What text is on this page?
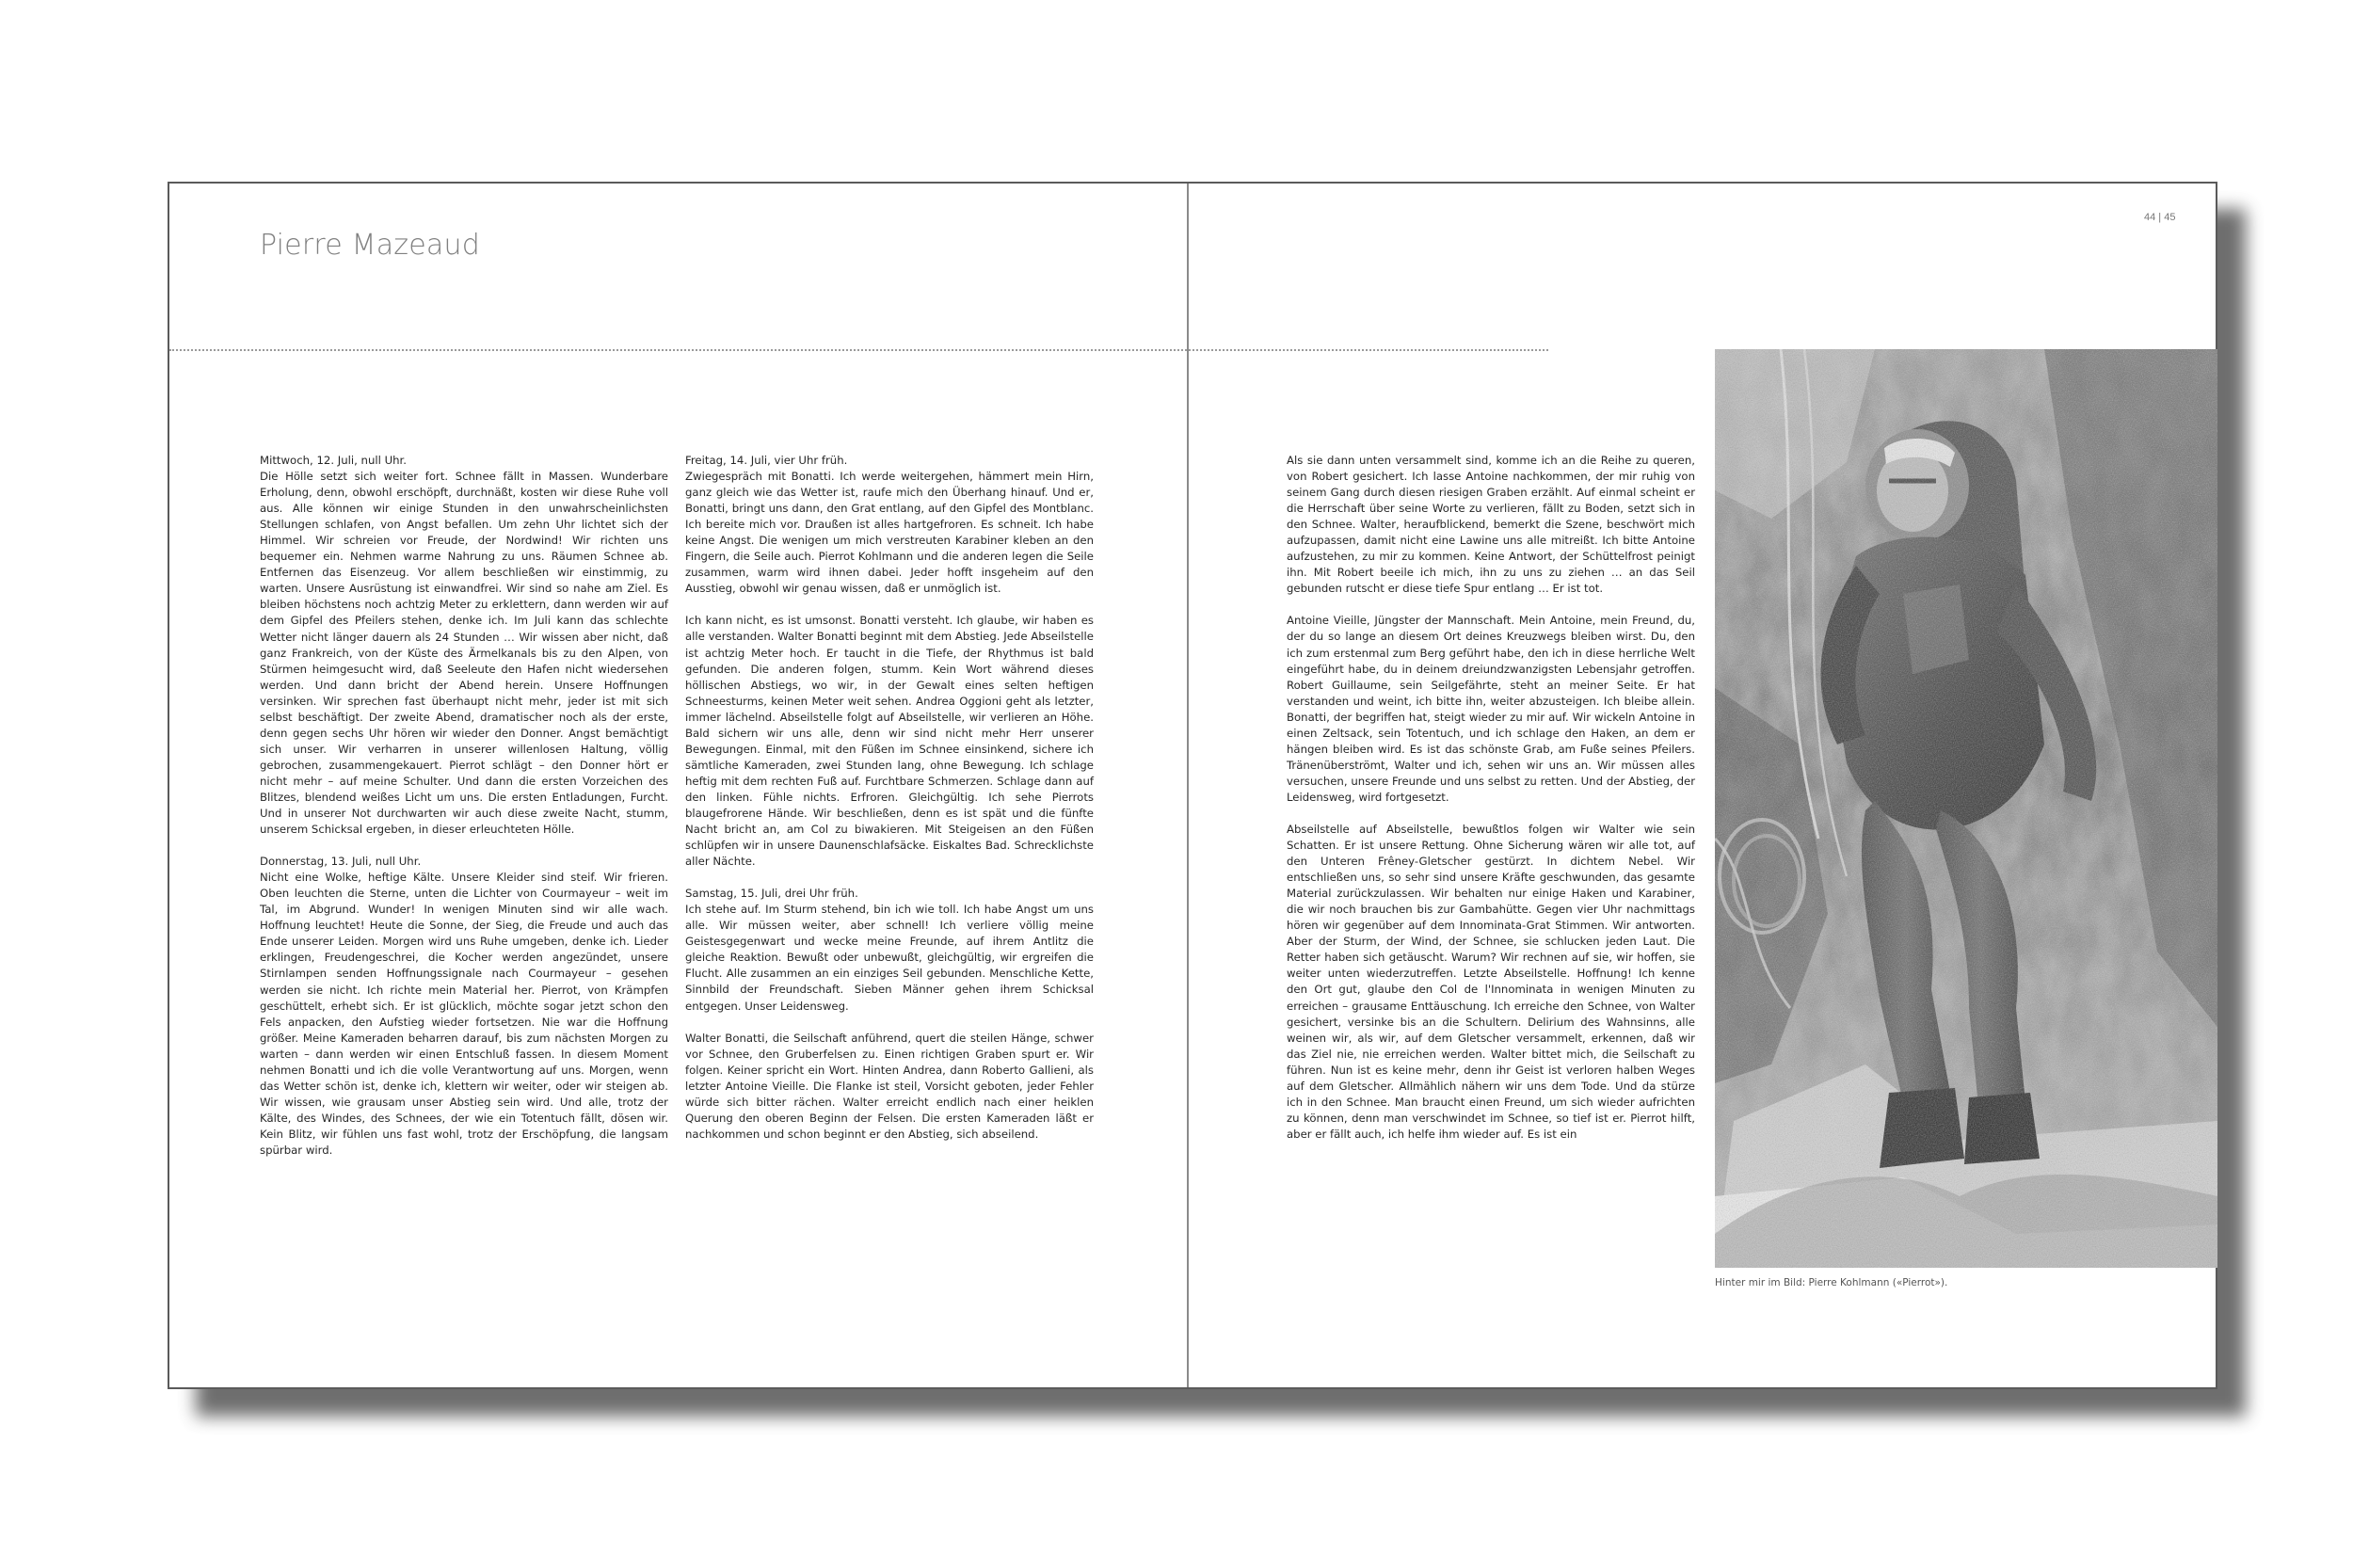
Pierre Mazeaud
44 | 45

Mittwoch, 12. Juli, null Uhr.

Die Hölle setzt sich weiter fort. Schnee fällt in Massen. Wunderbare Erholung, denn, obwohl erschöpft, durchnäßt, kosten wir diese Ruhe voll aus. Alle können wir einige Stunden in den unwahrscheinlichsten Stellungen schlafen, von Angst befallen. Um zehn Uhr lichtet sich der Himmel. Wir schreien vor Freude, der Nordwind! Wir richten uns bequemer ein. Nehmen warme Nahrung zu uns. Räumen Schnee ab. Entfernen das Eisenzeug. Vor allem beschließen wir einstimmig, zu warten. Unsere Ausrüstung ist einwandfrei. Wir sind so nahe am Ziel. Es bleiben höchstens noch achtzig Meter zu erklettern, dann werden wir auf dem Gipfel des Pfeilers stehen, denke ich. Im Juli kann das schlechte Wetter nicht länger dauern als 24 Stunden … Wir wissen aber nicht, daß ganz Frankreich, von der Küste des Ärmelkanals bis zu den Alpen, von Stürmen heimgesucht wird, daß Seeleute den Hafen nicht wiedersehen werden. Und dann bricht der Abend herein. Unsere Hoffnungen versinken. Wir sprechen fast überhaupt nicht mehr, jeder ist mit sich selbst beschäftigt. Der zweite Abend, dramatischer noch als der erste, denn gegen sechs Uhr hören wir wieder den Donner. Angst bemächtigt sich unser. Wir verharren in unserer willenlosen Haltung, völlig gebrochen, zusammengekauert. Pierrot schlägt – den Donner hört er nicht mehr – auf meine Schulter. Und dann die ersten Vorzeichen des Blitzes, blendend weißes Licht um uns. Die ersten Entladungen, Furcht. Und in unserer Not durchwarten wir auch diese zweite Nacht, stumm, unserem Schicksal ergeben, in dieser erleuchteten Hölle.

Donnerstag, 13. Juli, null Uhr.

Nicht eine Wolke, heftige Kälte. Unsere Kleider sind steif. Wir frieren. Oben leuchten die Sterne, unten die Lichter von Courmayeur – weit im Tal, im Abgrund. Wunder! In wenigen Minuten sind wir alle wach. Hoffnung leuchtet! Heute die Sonne, der Sieg, die Freude und auch das Ende unserer Leiden. Morgen wird uns Ruhe umgeben, denke ich. Lieder erklingen, Freudengeschrei, die Kocher werden angezündet, unsere Stirnlampen senden Hoffnungssignale nach Courmayeur – gesehen werden sie nicht. Ich richte mein Material her. Pierrot, von Krämpfen geschüttelt, erhebt sich. Er ist glücklich, möchte sogar jetzt schon den Fels anpacken, den Aufstieg wieder fortsetzen. Nie war die Hoffnung größer. Meine Kameraden beharren darauf, bis zum nächsten Morgen zu warten – dann werden wir einen Entschluß fassen. In diesem Moment nehmen Bonatti und ich die volle Verantwortung auf uns. Morgen, wenn das Wetter schön ist, denke ich, klettern wir weiter, oder wir steigen ab. Wir wissen, wie grausam unser Abstieg sein wird. Und alle, trotz der Kälte, des Windes, des Schnees, der wie ein Totentuch fällt, dösen wir. Kein Blitz, wir fühlen uns fast wohl, trotz der Erschöpfung, die langsam spürbar wird.

Freitag, 14. Juli, vier Uhr früh.

Zwiegespräch mit Bonatti. Ich werde weitergehen, hämmert mein Hirn, ganz gleich wie das Wetter ist, raufe mich den Überhang hinauf. Und er, Bonatti, bringt uns dann, den Grat entlang, auf den Gipfel des Montblanc. Ich bereite mich vor. Draußen ist alles hartgefroren. Es schneit. Ich habe keine Angst. Die wenigen um mich verstreuten Karabiner kleben an den Fingern, die Seile auch. Pierrot Kohlmann und die anderen legen die Seile zusammen, warm wird ihnen dabei. Jeder hofft insgeheim auf den Ausstieg, obwohl wir genau wissen, daß er unmöglich ist.

Ich kann nicht, es ist umsonst. Bonatti versteht. Ich glaube, wir haben es alle verstanden. Walter Bonatti beginnt mit dem Abstieg. Jede Abseilstelle ist achtzig Meter hoch. Er taucht in die Tiefe, der Rhythmus ist bald gefunden. Die anderen folgen, stumm. Kein Wort während dieses höllischen Abstiegs, wo wir, in der Gewalt eines selten heftigen Schneesturms, keinen Meter weit sehen. Andrea Oggioni geht als letzter, immer lächelnd. Abseilstelle folgt auf Abseilstelle, wir verlieren an Höhe. Bald sichern wir uns alle, denn wir sind nicht mehr Herr unserer Bewegungen. Einmal, mit den Füßen im Schnee einsinkend, sichere ich sämtliche Kameraden, zwei Stunden lang, ohne Bewegung. Ich schlage heftig mit dem rechten Fuß auf. Furchtbare Schmerzen. Schlage dann auf den linken. Fühle nichts. Erfroren. Gleichgültig. Ich sehe Pierrots blaugefrorene Hände. Wir beschließen, denn es ist spät und die fünfte Nacht bricht an, am Col zu biwakieren. Mit Steigeisen an den Füßen schlüpfen wir in unsere Daunenschlafsäcke. Eiskaltes Bad. Schrecklichste aller Nächte.

Samstag, 15. Juli, drei Uhr früh.

Ich stehe auf. Im Sturm stehend, bin ich wie toll. Ich habe Angst um uns alle. Wir müssen weiter, aber schnell! Ich verliere völlig meine Geistesgegenwart und wecke meine Freunde, auf ihrem Antlitz die gleiche Reaktion. Bewußt oder unbewußt, gleichgültig, wir ergreifen die Flucht. Alle zusammen an ein einziges Seil gebunden. Menschliche Kette, Sinnbild der Freundschaft. Sieben Männer gehen ihrem Schicksal entgegen. Unser Leidensweg.

Walter Bonatti, die Seilschaft anführend, quert die steilen Hänge, schwer vor Schnee, den Gruberfelsen zu. Einen richtigen Graben spurt er. Wir folgen. Keiner spricht ein Wort. Hinten Andrea, dann Roberto Gallieni, als letzter Antoine Vieille. Die Flanke ist steil, Vorsicht geboten, jeder Fehler würde sich bitter rächen. Walter erreicht endlich nach einer heiklen Querung den oberen Beginn der Felsen. Die ersten Kameraden läßt er nachkommen und schon beginnt er den Abstieg, sich abseilend.

Als sie dann unten versammelt sind, komme ich an die Reihe zu queren, von Robert gesichert. Ich lasse Antoine nachkommen, der mir ruhig von seinem Gang durch diesen riesigen Graben erzählt. Auf einmal scheint er die Herrschaft über seine Worte zu verlieren, fällt zu Boden, setzt sich in den Schnee. Walter, heraufblickend, bemerkt die Szene, beschwört mich aufzupassen, damit nicht eine Lawine uns alle mitreißt. Ich bitte Antoine aufzustehen, zu mir zu kommen. Keine Antwort, der Schüttelfrost peinigt ihn. Mit Robert beeile ich mich, ihn zu uns zu ziehen … an das Seil gebunden rutscht er diese tiefe Spur entlang … Er ist tot.

Antoine Vieille, Jüngster der Mannschaft. Mein Antoine, mein Freund, du, der du so lange an diesem Ort deines Kreuzwegs bleiben wirst. Du, den ich zum erstenmal zum Berg geführt habe, den ich in diese herrliche Welt eingeführt habe, du in deinem dreiundzwanzigsten Lebensjahr getroffen. Robert Guillaume, sein Seilgefährte, steht an meiner Seite. Er hat verstanden und weint, ich bitte ihn, weiter abzusteigen. Ich bleibe allein. Bonatti, der begriffen hat, steigt wieder zu mir auf. Wir wickeln Antoine in einen Zeltsack, sein Totentuch, und ich schlage den Haken, an dem er hängen bleiben wird. Es ist das schönste Grab, am Fuße seines Pfeilers. Tränenüberströmt, Walter und ich, sehen wir uns an. Wir müssen alles versuchen, unsere Freunde und uns selbst zu retten. Und der Abstieg, der Leidensweg, wird fortgesetzt.

Abseilstelle auf Abseilstelle, bewußtlos folgen wir Walter wie sein Schatten. Er ist unsere Rettung. Ohne Sicherung wären wir alle tot, auf den Unteren Frêney-Gletscher gestürzt. In dichtem Nebel. Wir entschließen uns, so sehr sind unsere Kräfte geschwunden, das gesamte Material zurückzulassen. Wir behalten nur einige Haken und Karabiner, die wir noch brauchen bis zur Gambahütte. Gegen vier Uhr nachmittags hören wir gegenüber auf dem Innominata-Grat Stimmen. Wir antworten. Aber der Sturm, der Wind, der Schnee, sie schlucken jeden Laut. Die Retter haben sich getäuscht. Warum? Wir rechnen auf sie, wir hoffen, sie weiter unten wiederzutreffen. Letzte Abseilstelle. Hoffnung! Ich kenne den Ort gut, glaube den Col de l'Innominata in wenigen Minuten zu erreichen – grausame Enttäuschung. Ich erreiche den Schnee, von Walter gesichert, versinke bis an die Schultern. Delirium des Wahnsinns, alle weinen wir, als wir, auf dem Gletscher versammelt, erkennen, daß wir das Ziel nie, nie erreichen werden. Walter bittet mich, die Seilschaft zu führen. Nun ist es keine mehr, denn ihr Geist ist verloren halben Weges auf dem Gletscher. Allmählich nähern wir uns dem Tode. Und da stürze ich in den Schnee. Man braucht einen Freund, um sich wieder aufrichten zu können, denn man verschwindet im Schnee, so tief ist er. Pierrot hilft, aber er fällt auch, ich helfe ihm wieder auf. Es ist ein

Hinter mir im Bild: Pierre Kohlmann («Pierrot»).
